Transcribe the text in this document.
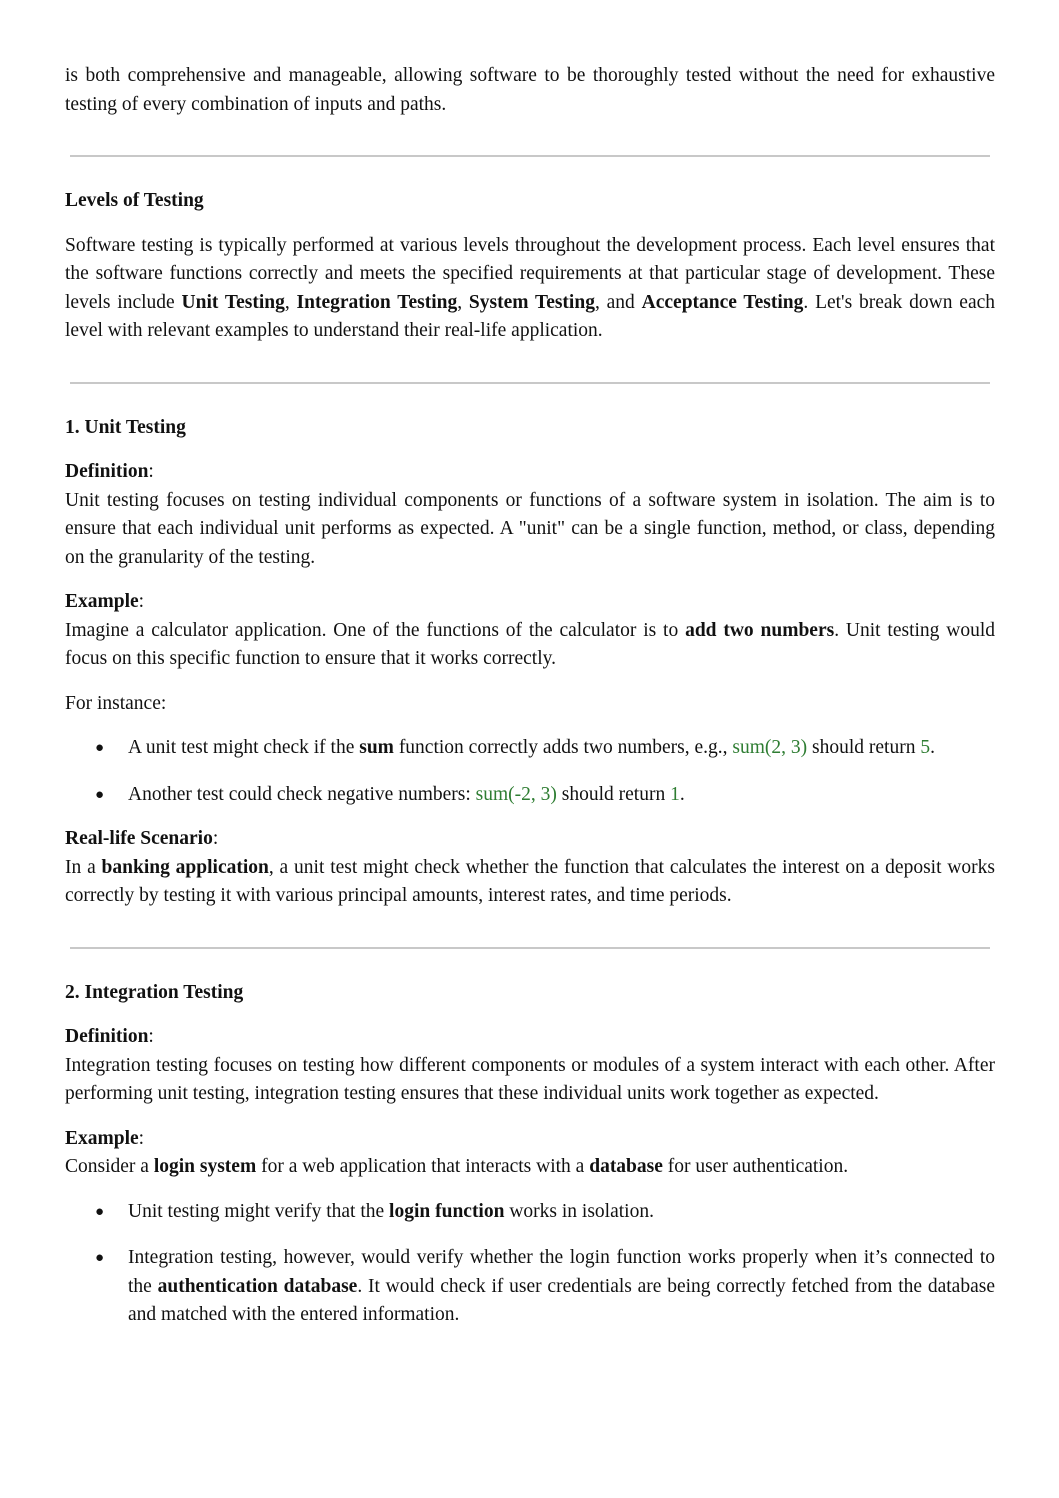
is both comprehensive and manageable, allowing software to be thoroughly tested without the need for exhaustive testing of every combination of inputs and paths.

Levels of Testing

Software testing is typically performed at various levels throughout the development process. Each level ensures that the software functions correctly and meets the specified requirements at that particular stage of development. These levels include Unit Testing, Integration Testing, System Testing, and Acceptance Testing. Let's break down each level with relevant examples to understand their real-life application.

1. Unit Testing

Definition:

Unit testing focuses on testing individual components or functions of a software system in isolation. The aim is to ensure that each individual unit performs as expected. A "unit" can be a single function, method, or class, depending on the granularity of the testing.

Example:

Imagine a calculator application. One of the functions of the calculator is to add two numbers. Unit testing would focus on this specific function to ensure that it works correctly.

For instance:

● A unit test might check if the sum function correctly adds two numbers, e.g., sum(2, 3) should return 5.
● Another test could check negative numbers: sum(-2, 3) should return 1.

Real-life Scenario:

In a banking application, a unit test might check whether the function that calculates the interest on a deposit works correctly by testing it with various principal amounts, interest rates, and time periods.

2. Integration Testing

Definition:

Integration testing focuses on testing how different components or modules of a system interact with each other. After performing unit testing, integration testing ensures that these individual units work together as expected.

Example:

Consider a login system for a web application that interacts with a database for user authentication.

● Unit testing might verify that the login function works in isolation.
● Integration testing, however, would verify whether the login function works properly when it’s connected to the authentication database. It would check if user credentials are being correctly fetched from the database and matched with the entered information.
